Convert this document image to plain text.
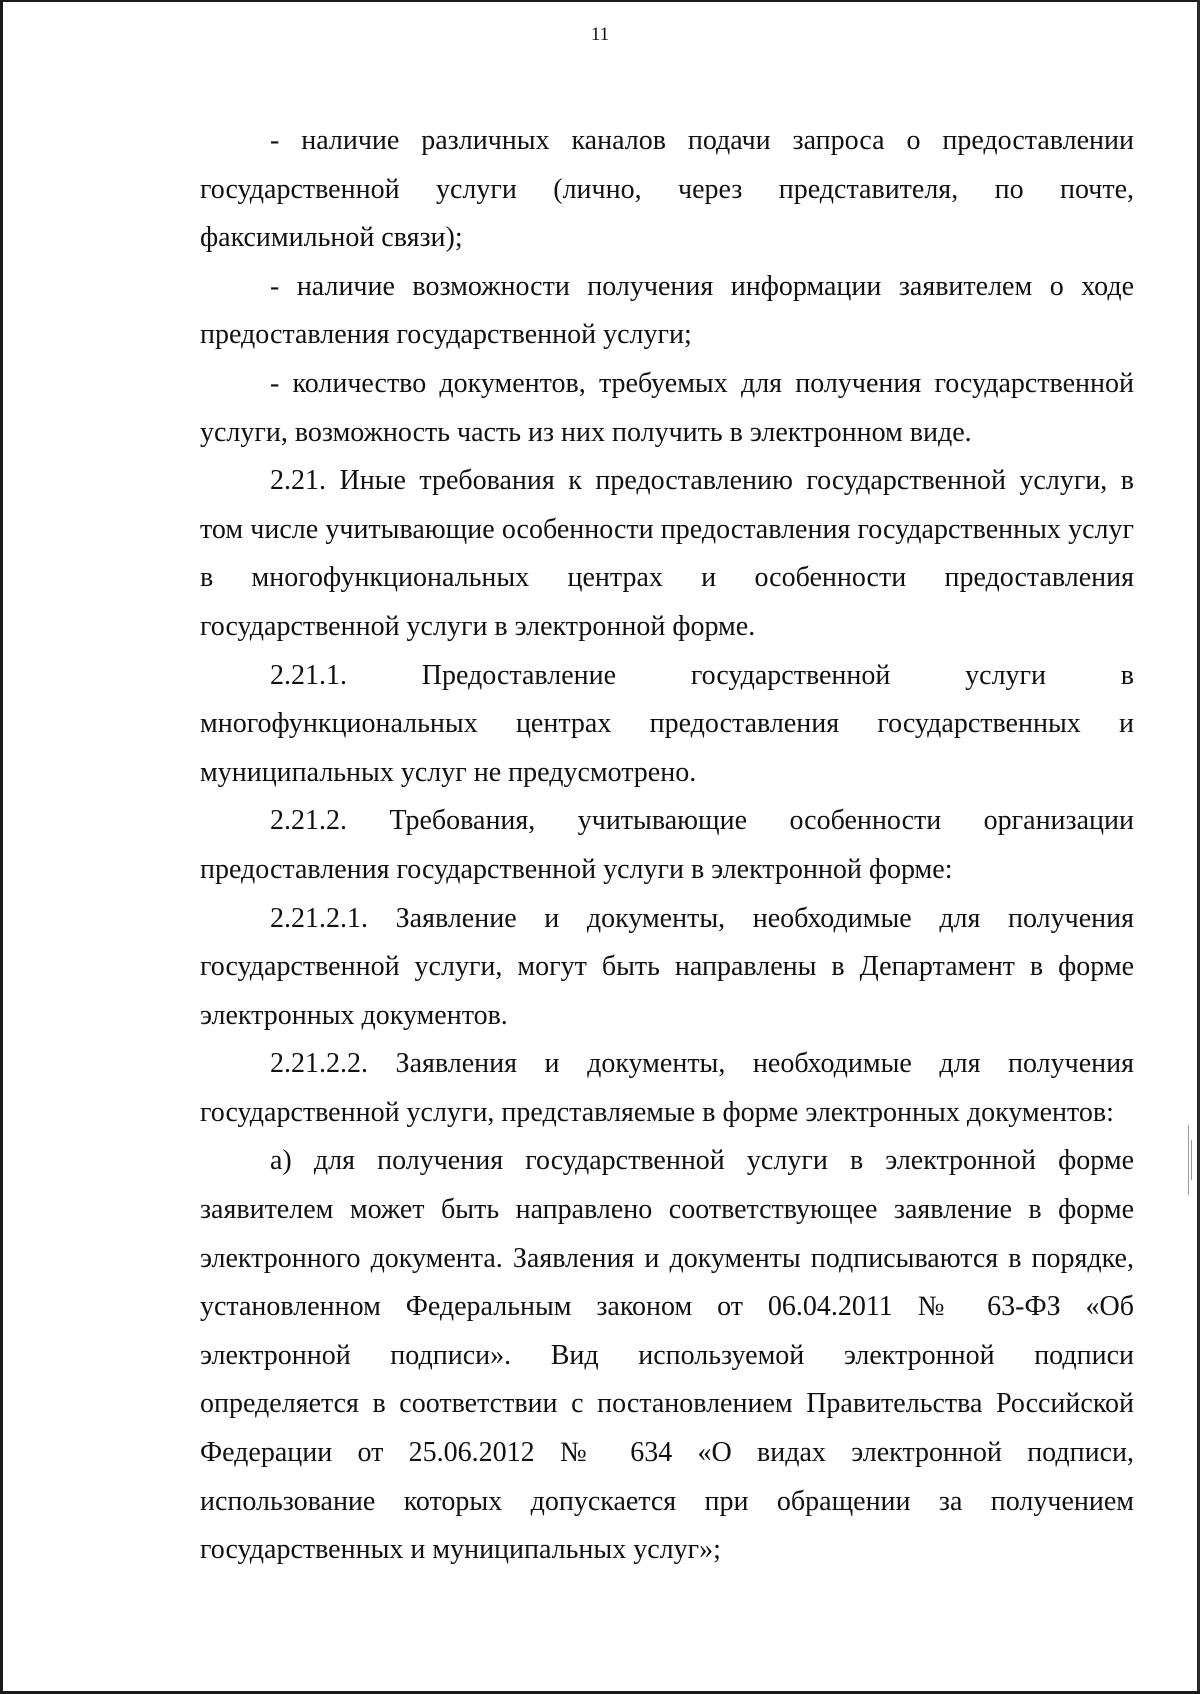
11

- наличие различных каналов подачи запроса о предоставлении государственной услуги (лично, через представителя, по почте, факсимильной связи);

- наличие возможности получения информации заявителем о ходе предоставления государственной услуги;

- количество документов, требуемых для получения государственной услуги, возможность часть из них получить в электронном виде.

2.21. Иные требования к предоставлению государственной услуги, в том числе учитывающие особенности предоставления государственных услуг в многофункциональных центрах и особенности предоставления государственной услуги в электронной форме.

2.21.1. Предоставление государственной услуги в многофункциональных центрах предоставления государственных и муниципальных услуг не предусмотрено.

2.21.2. Требования, учитывающие особенности организации предоставления государственной услуги в электронной форме:

2.21.2.1. Заявление и документы, необходимые для получения государственной услуги, могут быть направлены в Департамент в форме электронных документов.

2.21.2.2. Заявления и документы, необходимые для получения государственной услуги, представляемые в форме электронных документов:

а) для получения государственной услуги в электронной форме заявителем может быть направлено соответствующее заявление в форме электронного документа. Заявления и документы подписываются в порядке, установленном Федеральным законом от 06.04.2011 № 63-ФЗ «Об электронной подписи». Вид используемой электронной подписи определяется в соответствии с постановлением Правительства Российской Федерации от 25.06.2012 № 634 «О видах электронной подписи, использование которых допускается при обращении за получением государственных и муниципальных услуг»;
